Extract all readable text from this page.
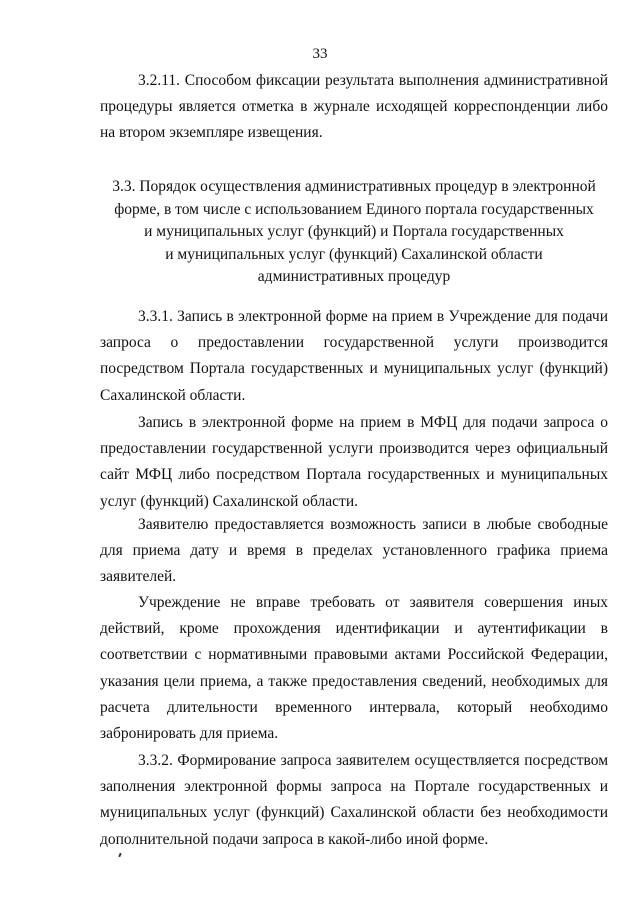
33

3.2.11. Способом фиксации результата выполнения административной процедуры является отметка в журнале исходящей корреспонденции либо на втором экземпляре извещения.

3.3. Порядок осуществления административных процедур в электронной
форме, в том числе с использованием Единого портала государственных
и муниципальных услуг (функций) и Портала государственных
и муниципальных услуг (функций) Сахалинской области
административных процедур

3.3.1. Запись в электронной форме на прием в Учреждение для подачи запроса о предоставлении государственной услуги производится посредством Портала государственных и муниципальных услуг (функций) Сахалинской области.

Запись в электронной форме на прием в МФЦ для подачи запроса о предоставлении государственной услуги производится через официальный сайт МФЦ либо посредством Портала государственных и муниципальных услуг (функций) Сахалинской области.

Заявителю предоставляется возможность записи в любые свободные для приема дату и время в пределах установленного графика приема заявителей.

Учреждение не вправе требовать от заявителя совершения иных действий, кроме прохождения идентификации и аутентификации в соответствии с нормативными правовыми актами Российской Федерации, указания цели приема, а также предоставления сведений, необходимых для расчета длительности временного интервала, который необходимо забронировать для приема.

3.3.2. Формирование запроса заявителем осуществляется посредством заполнения электронной формы запроса на Портале государственных и муниципальных услуг (функций) Сахалинской области без необходимости дополнительной подачи запроса в какой-либо иной форме.
